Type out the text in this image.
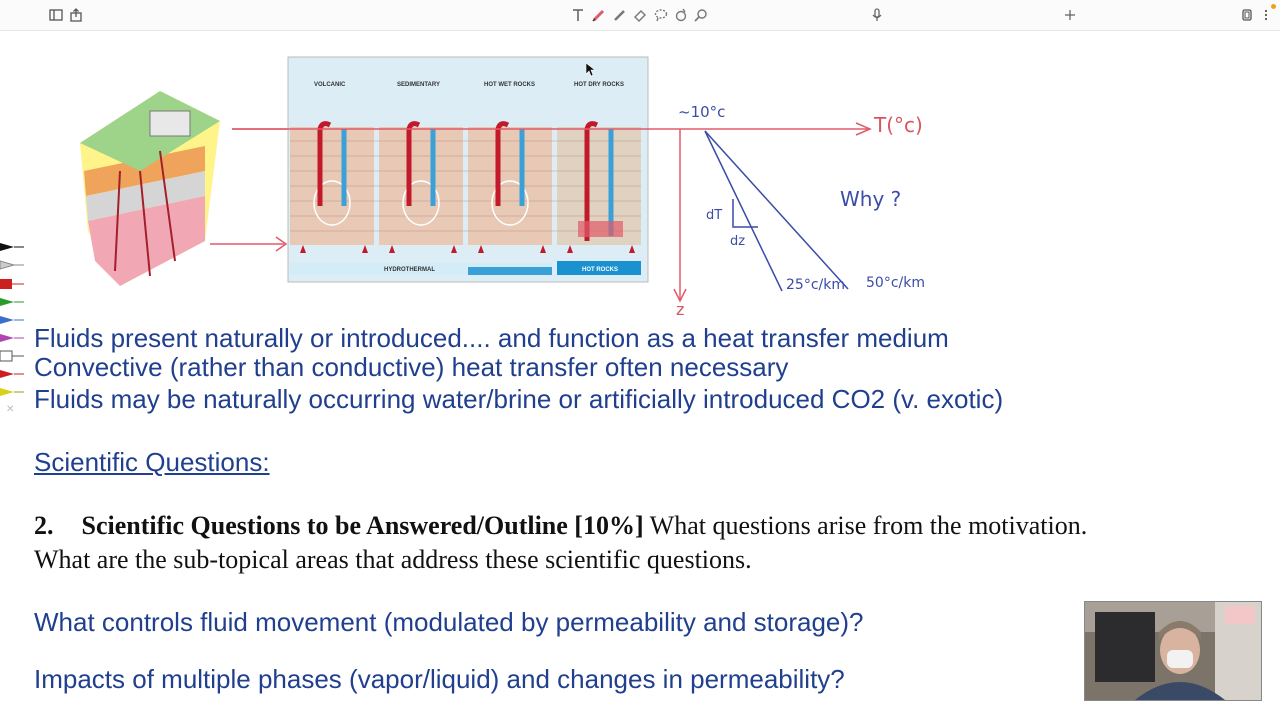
✕
VOLCANIC	SEDIMENTARY	HOT WET ROCKS	HOT DRY ROCKS
HYDROTHERMAL	HOT ROCKS
T(°c)
z
~10°c
dT
dz
25°c/km 50°c/km
Why ?
Fluids present naturally or introduced.... and function as a heat transfer medium
Convective (rather than conductive) heat transfer often necessary
Fluids may be naturally occurring water/brine or artificially introduced CO2 (v. exotic)
Scientific Questions:
2. Scientific Questions to be Answered/Outline [10%] What questions arise from the motivation.
What are the sub-topical areas that address these scientific questions.
What controls fluid movement (modulated by permeability and storage)?
Impacts of multiple phases (vapor/liquid) and changes in permeability?
